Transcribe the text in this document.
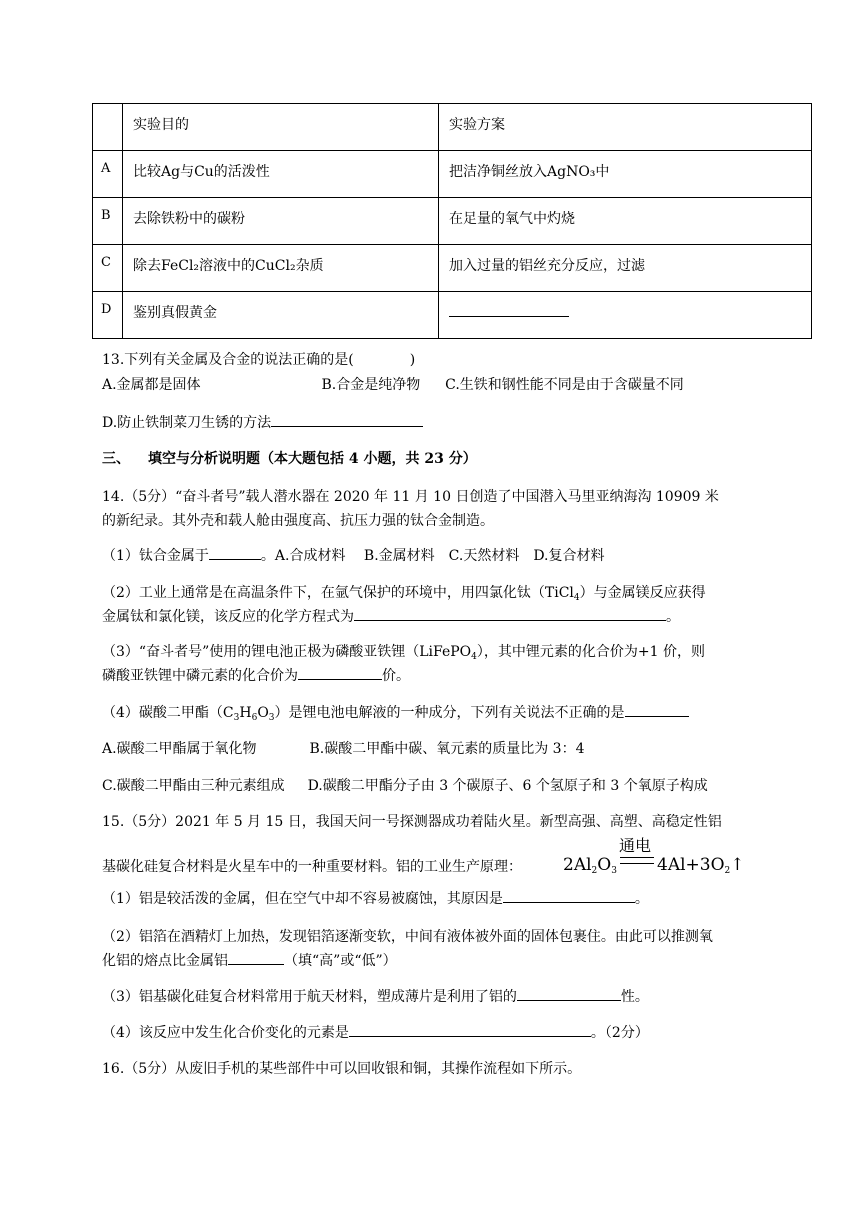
	实验目的	实验方案
A	比较Ag与Cu的活泼性	把洁净铜丝放入AgNO₃中
B	去除铁粉中的碳粉	在足量的氧气中灼烧
C	除去FeCl₂溶液中的CuCl₂杂质	加入过量的铝丝充分反应，过滤
D	鉴别真假黄金	
13.下列有关金属及合金的说法正确的是(　　　　)
A.金属都是固体	B.合金是纯净物 C.生铁和钢性能不同是由于含碳量不同
D.防止铁制菜刀生锈的方法
三、 填空与分析说明题（本大题包括 4 小题，共 23 分）
14.（5分）“奋斗者号”载人潜水器在 2020 年 11 月 10 日创造了中国潜入马里亚纳海沟 10909 米
的新纪录。其外壳和载人舱由强度高、抗压力强的钛合金制造。
（1）钛合金属于	。A.合成材料　 B.金属材料　C.天然材料　D.复合材料
（2）工业上通常是在高温条件下，在氩气保护的环境中，用四氯化钛（TiCl$_4$）与金属镁反应获得
金属钛和氯化镁，该反应的化学方程式为	。
（3）“奋斗者号”使用的锂电池正极为磷酸亚铁锂（LiFePO$_4$），其中锂元素的化合价为+1 价，则
磷酸亚铁锂中磷元素的化合价为	价。
（4）碳酸二甲酯$(C_3H_6O_3)$是锂电池电解液的一种成分，下列有关说法不正确的是
A.碳酸二甲酯属于氧化物	B.碳酸二甲酯中碳、氧元素的质量比为 3：4
C.碳酸二甲酯由三种元素组成 D.碳酸二甲酯分子由 3 个碳原子、6 个氢原子和 3 个氧原子构成
15.（5分）2021 年 5 月 15 日，我国天问一号探测器成功着陆火星。新型高强、高塑、高稳定性铝
基碳化硅复合材料是火星车中的一种重要材料。铝的工业生产原理： $2Al_2O_3$
通电
$4Al+3O_2↑$
（1）铝是较活泼的金属，但在空气中却不容易被腐蚀，其原因是	。
（2）铝箔在酒精灯上加热，发现铝箔逐渐变软，中间有液体被外面的固体包裹住。由此可以推测氧
化铝的熔点比金属铝	（填“高”或“低”）
（3）铝基碳化硅复合材料常用于航天材料，塑成薄片是利用了铝的	性。
（4）该反应中发生化合价变化的元素是	。（2分）
16.（5分）从废旧手机的某些部件中可以回收银和铜，其操作流程如下所示。
